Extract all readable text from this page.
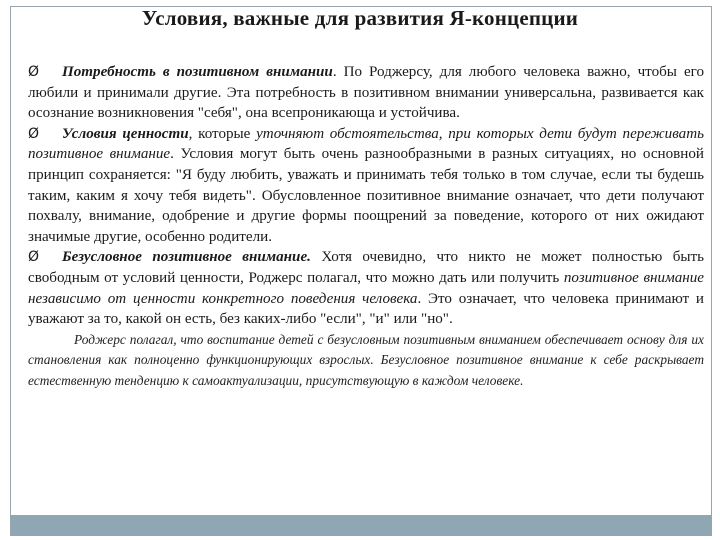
Условия, важные для развития Я-концепции

Ø Потребность в позитивном внимании. По Роджерсу, для любого человека важно, чтобы его любили и принимали другие. Эта потребность в позитивном внимании универсальна, развивается как осознание возникновения "себя", она всепроникающа и устойчива.

Ø Условия ценности, которые уточняют обстоятельства, при которых дети будут переживать позитивное внимание. Условия могут быть очень разнообразными в разных ситуациях, но основной принцип сохраняется: "Я буду любить, уважать и принимать тебя только в том случае, если ты будешь таким, каким я хочу тебя видеть". Обусловленное позитивное внимание означает, что дети получают похвалу, внимание, одобрение и другие формы поощрений за поведение, которого от них ожидают значимые другие, особенно родители.

Ø Безусловное позитивное внимание. Хотя очевидно, что никто не может полностью быть свободным от условий ценности, Роджерс полагал, что можно дать или получить позитивное внимание независимо от ценности конкретного поведения человека. Это означает, что человека принимают и уважают за то, какой он есть, без каких-либо "если", "и" или "но".

Роджерс полагал, что воспитание детей с безусловным позитивным вниманием обеспечивает основу для их становления как полноценно функционирующих взрослых. Безусловное позитивное внимание к себе раскрывает естественную тенденцию к самоактуализации, присутствующую в каждом человеке.
